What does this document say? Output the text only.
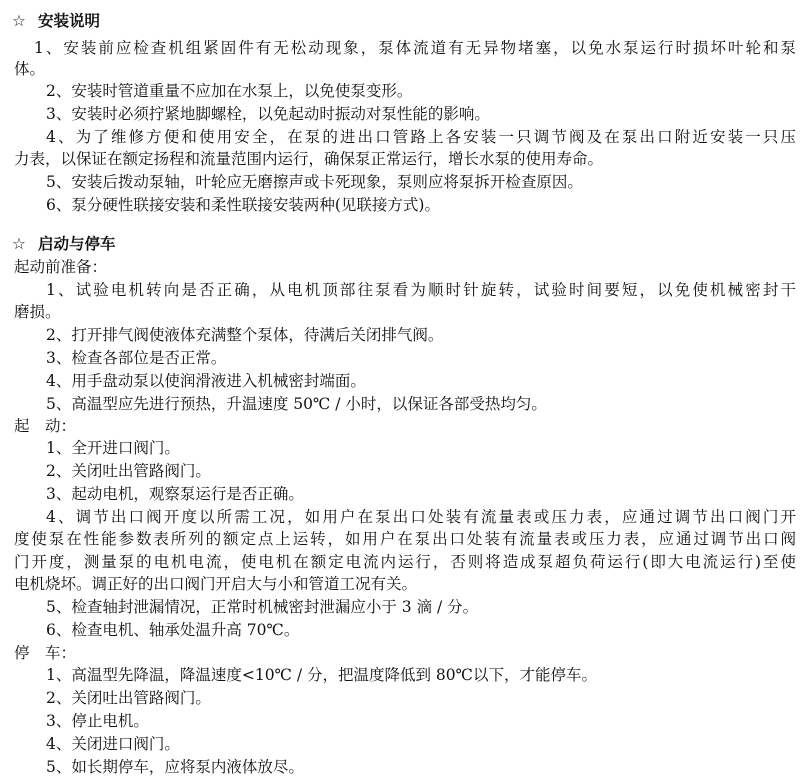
☆ 安装说明
1、安装前应检查机组紧固件有无松动现象，泵体流道有无异物堵塞，以免水泵运行时损坏叶轮和泵
体。
2、安装时管道重量不应加在水泵上，以免使泵变形。
3、安装时必须拧紧地脚螺栓，以免起动时振动对泵性能的影响。
4、为了维修方便和使用安全，在泵的进出口管路上各安装一只调节阀及在泵出口附近安装一只压
力表，以保证在额定扬程和流量范围内运行，确保泵正常运行，增长水泵的使用寿命。
5、安装后拨动泵轴，叶轮应无磨擦声或卡死现象，泵则应将泵拆开检查原因。
6、泵分硬性联接安装和柔性联接安装两种(见联接方式)。
☆ 启动与停车
起动前准备：
1、试验电机转向是否正确，从电机顶部往泵看为顺时针旋转，试验时间要短，以免使机械密封干
磨损。
2、打开排气阀使液体充满整个泵体，待满后关闭排气阀。
3、检查各部位是否正常。
4、用手盘动泵以使润滑液进入机械密封端面。
5、高温型应先进行预热，升温速度 50℃ / 小时，以保证各部受热均匀。
起　动：
1、全开进口阀门。
2、关闭吐出管路阀门。
3、起动电机，观察泵运行是否正确。
4、调节出口阀开度以所需工况，如用户在泵出口处装有流量表或压力表，应通过调节出口阀门开
度使泵在性能参数表所列的额定点上运转，如用户在泵出口处装有流量表或压力表，应通过调节出口阀
门开度，测量泵的电机电流，使电机在额定电流内运行，否则将造成泵超负荷运行(即大电流运行)至使
电机烧坏。调正好的出口阀门开启大与小和管道工况有关。
5、检查轴封泄漏情况，正常时机械密封泄漏应小于 3 滴 / 分。
6、检查电机、轴承处温升高 70℃。
停　车：
1、高温型先降温，降温速度<10℃ / 分，把温度降低到 80℃以下，才能停车。
2、关闭吐出管路阀门。
3、停止电机。
4、关闭进口阀门。
5、如长期停车，应将泵内液体放尽。
